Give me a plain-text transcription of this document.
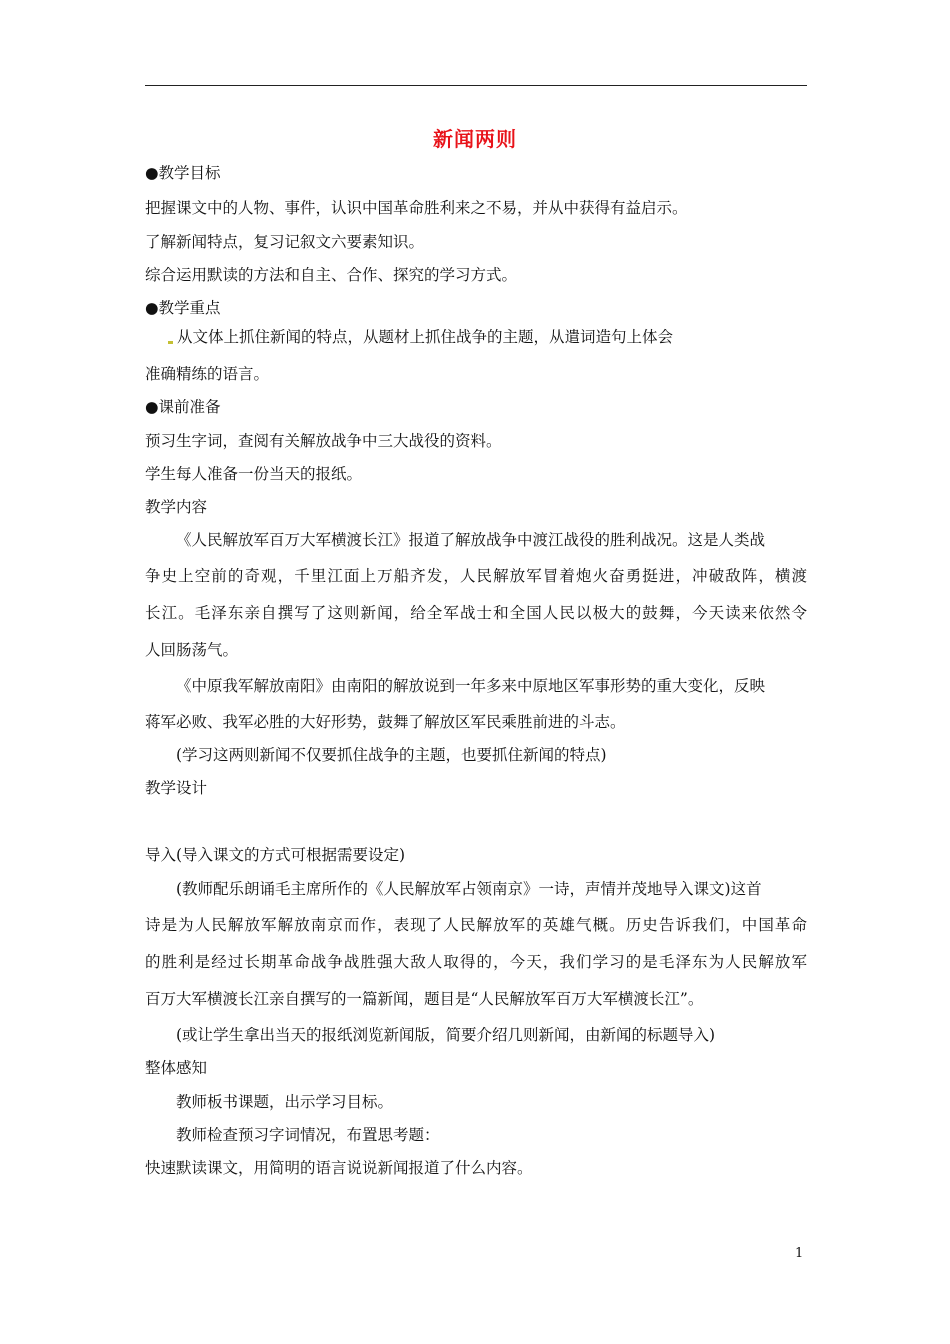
新闻两则
●教学目标
把握课文中的人物、事件，认识中国革命胜利来之不易，并从中获得有益启示。
了解新闻特点，复习记叙文六要素知识。
综合运用默读的方法和自主、合作、探究的学习方式。
●教学重点
从文体上抓住新闻的特点，从题材上抓住战争的主题，从遣词造句上体会
准确精练的语言。
●课前准备
预习生字词，查阅有关解放战争中三大战役的资料。
学生每人准备一份当天的报纸。
教学内容
《人民解放军百万大军横渡长江》报道了解放战争中渡江战役的胜利战况。这是人类战
争史上空前的奇观，千里江面上万船齐发，人民解放军冒着炮火奋勇挺进，冲破敌阵，横渡
长江。毛泽东亲自撰写了这则新闻，给全军战士和全国人民以极大的鼓舞，今天读来依然令
人回肠荡气。
《中原我军解放南阳》由南阳的解放说到一年多来中原地区军事形势的重大变化，反映
蒋军必败、我军必胜的大好形势，鼓舞了解放区军民乘胜前进的斗志。
(学习这两则新闻不仅要抓住战争的主题，也要抓住新闻的特点)
教学设计
导入(导入课文的方式可根据需要设定)
(教师配乐朗诵毛主席所作的《人民解放军占领南京》一诗，声情并茂地导入课文)这首
诗是为人民解放军解放南京而作，表现了人民解放军的英雄气概。历史告诉我们，中国革命
的胜利是经过长期革命战争战胜强大敌人取得的，今天，我们学习的是毛泽东为人民解放军
百万大军横渡长江亲自撰写的一篇新闻，题目是“人民解放军百万大军横渡长江”。
(或让学生拿出当天的报纸浏览新闻版，简要介绍几则新闻，由新闻的标题导入)
整体感知
教师板书课题，出示学习目标。
教师检查预习字词情况，布置思考题：
快速默读课文，用简明的语言说说新闻报道了什么内容。
1
